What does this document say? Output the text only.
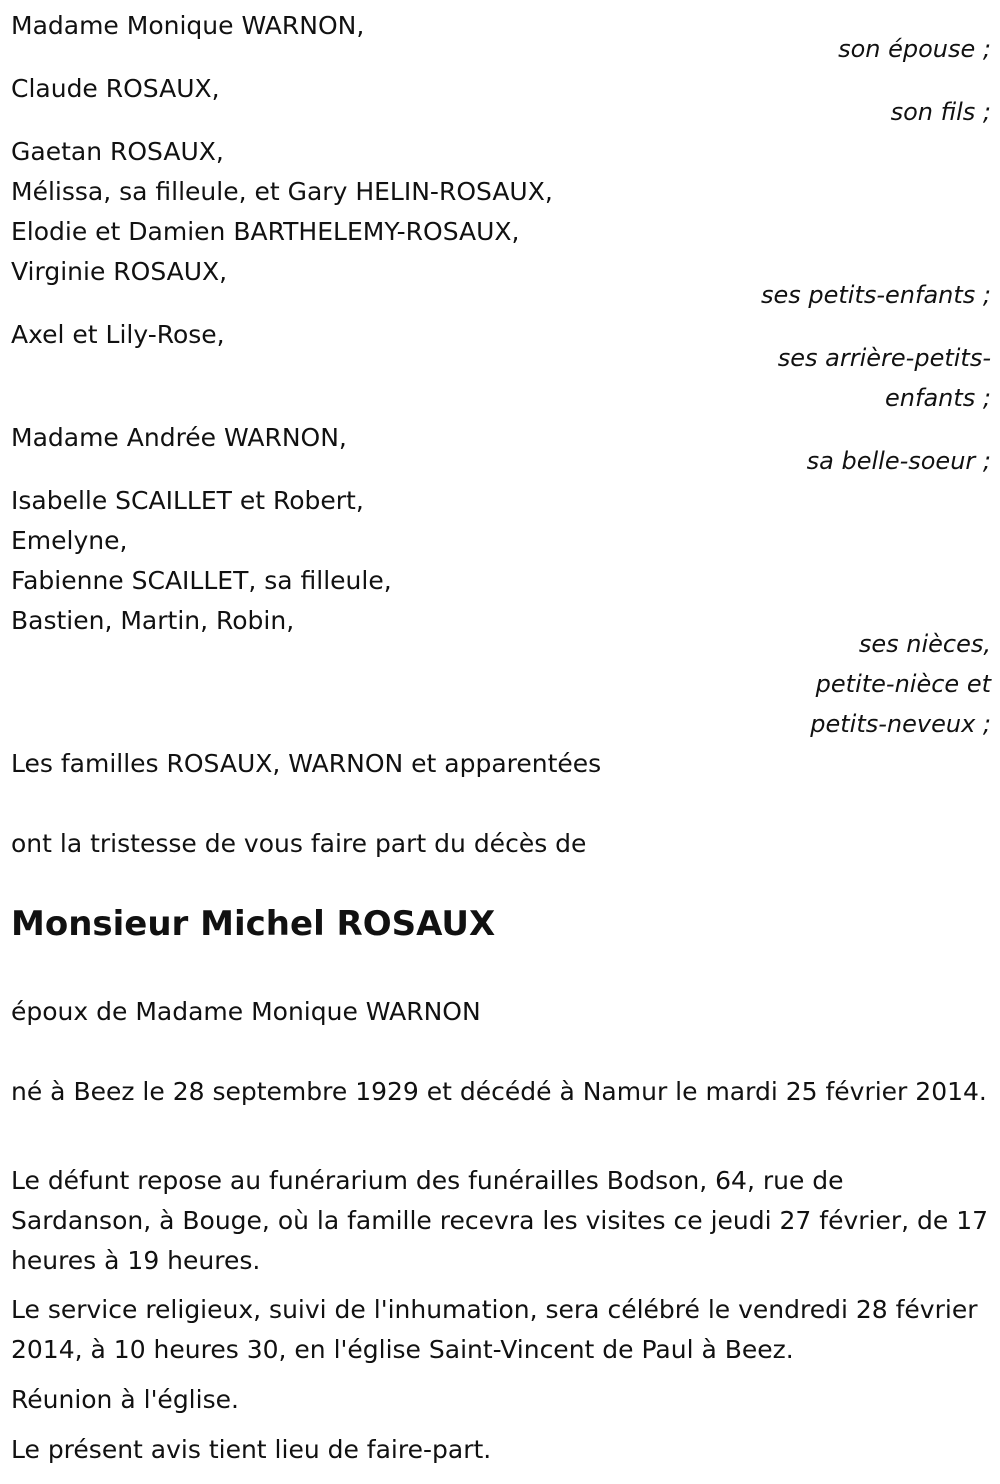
Madame Monique WARNON,
son épouse ;
Claude ROSAUX,
son fils ;
Gaetan ROSAUX,
Mélissa, sa filleule, et Gary HELIN-ROSAUX,
Elodie et Damien BARTHELEMY-ROSAUX,
Virginie ROSAUX,
ses petits-enfants ;
Axel et Lily-Rose,
ses arrière-petits-
enfants ;
Madame Andrée WARNON,
sa belle-soeur ;
Isabelle SCAILLET et Robert,
Emelyne,
Fabienne SCAILLET, sa filleule,
Bastien, Martin, Robin,
ses nièces,
petite-nièce et
petits-neveux ;
Les familles ROSAUX, WARNON et apparentées
ont la tristesse de vous faire part du décès de
Monsieur Michel ROSAUX
époux de Madame Monique WARNON
né à Beez le 28 septembre 1929 et décédé à Namur le mardi 25 février 2014.
Le défunt repose au funérarium des funérailles Bodson, 64, rue de Sardanson, à Bouge, où la famille recevra les visites ce jeudi 27 février, de 17 heures à 19 heures.
Le service religieux, suivi de l'inhumation, sera célébré le vendredi 28 février 2014, à 10 heures 30, en l'église Saint-Vincent de Paul à Beez.
Réunion à l'église.
Le présent avis tient lieu de faire-part.
